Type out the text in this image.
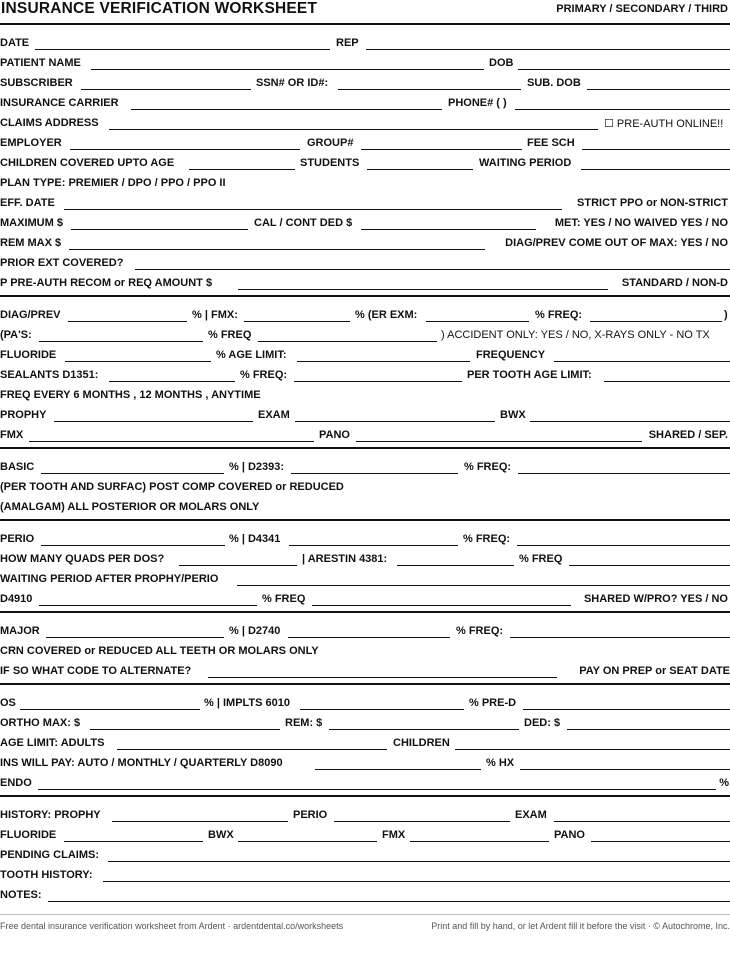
INSURANCE VERIFICATION WORKSHEET	PRIMARY / SECONDARY / THIRD
DATE	REP
PATIENT NAME	DOB
SUBSCRIBER	SSN# OR ID#:	SUB. DOB
INSURANCE CARRIER	PHONE# ( )
CLAIMS ADDRESS	☐ PRE-AUTH ONLINE!!
EMPLOYER	GROUP#	FEE SCH
CHILDREN COVERED UPTO AGE	STUDENTS	WAITING PERIOD
PLAN TYPE: PREMIER / DPO / PPO / PPO II
EFF. DATE	STRICT PPO or NON-STRICT
MAXIMUM $	CAL / CONT DED $	MET: YES / NO WAIVED YES / NO
REM MAX $	DIAG/PREV COME OUT OF MAX: YES / NO
PRIOR EXT COVERED?
P PRE-AUTH RECOM or REQ AMOUNT $	STANDARD / NON-D
DIAG/PREV	% | FMX:	% (ER EXM:	% FREQ:	)
(PA'S:	% FREQ	) ACCIDENT ONLY: YES / NO, X-RAYS ONLY - NO TX
FLUORIDE	% AGE LIMIT:	FREQUENCY
SEALANTS D1351:	% FREQ:	PER TOOTH AGE LIMIT:
FREQ EVERY 6 MONTHS , 12 MONTHS , ANYTIME
PROPHY	EXAM	BWX
FMX	PANO	SHARED / SEP.
BASIC	% | D2393:	% FREQ:
(PER TOOTH AND SURFAC) POST COMP COVERED or REDUCED
(AMALGAM) ALL POSTERIOR OR MOLARS ONLY
PERIO	% | D4341	% FREQ:
HOW MANY QUADS PER DOS?	| ARESTIN 4381:	% FREQ
WAITING PERIOD AFTER PROPHY/PERIO
D4910	% FREQ	SHARED W/PRO? YES / NO
MAJOR	% | D2740	% FREQ:
CRN COVERED or REDUCED ALL TEETH OR MOLARS ONLY
IF SO WHAT CODE TO ALTERNATE?	PAY ON PREP or SEAT DATE
OS	% | IMPLTS 6010	% PRE-D
ORTHO MAX: $	REM: $	DED: $
AGE LIMIT: ADULTS	CHILDREN
INS WILL PAY: AUTO / MONTHLY / QUARTERLY D8090	% HX
ENDO	%
HISTORY: PROPHY	PERIO	EXAM
FLUORIDE	BWX	FMX	PANO
PENDING CLAIMS:
TOOTH HISTORY:
NOTES:
Free dental insurance verification worksheet from Ardent · ardentdental.co/worksheets	Print and fill by hand, or let Ardent fill it before the visit · © Autochrome, Inc.
